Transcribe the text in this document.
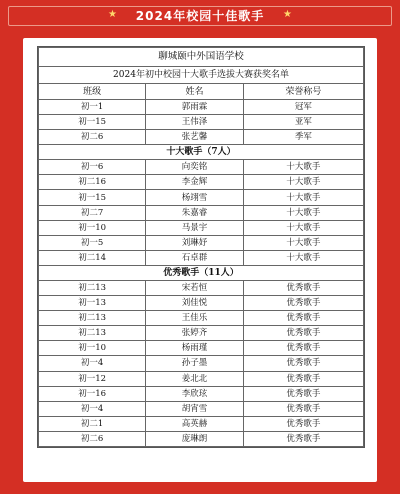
★ 2024年校园十佳歌手 ★
聊城颐中外国语学校		
2024年初中校园十大歌手选拔大赛获奖名单		
班级	姓名	荣誉称号
初一1	郭雨霖	冠军
初一15	王伟泽	亚军
初二6	张艺馨	季军
十大歌手（7人）		
初一6	向奕铭	十大歌手
初二16	李金辉	十大歌手
初一15	杨翊雪	十大歌手
初二7	朱嘉睿	十大歌手
初一10	马景宇	十大歌手
初一5	刘琳妤	十大歌手
初二14	石卓群	十大歌手
优秀歌手（11人）		
初二13	宋若恒	优秀歌手
初一13	刘佳悦	优秀歌手
初二13	王佳乐	优秀歌手
初二13	张婷齐	优秀歌手
初一10	杨雨瑾	优秀歌手
初一4	孙子墨	优秀歌手
初一12	姜北北	优秀歌手
初一16	李欣玹	优秀歌手
初一4	胡宵雪	优秀歌手
初二1	高英赫	优秀歌手
初二6	庞琳朗	优秀歌手
